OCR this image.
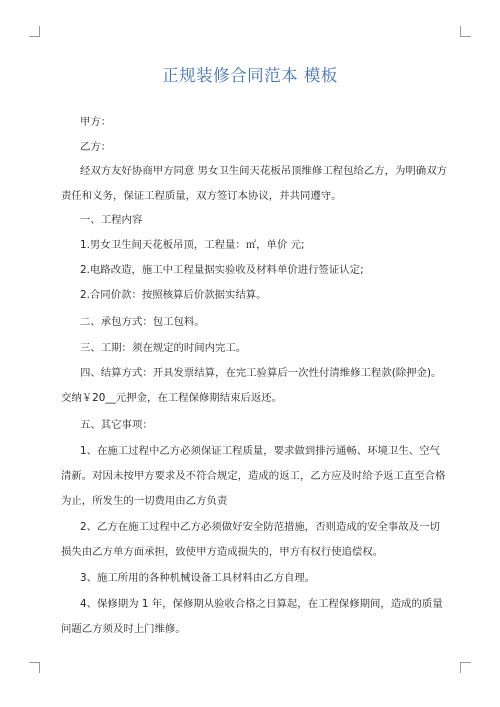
正规装修合同范本 模板
甲方：
乙方：
经双方友好协商甲方同意 男女卫生间天花板吊顶维修工程包给乙方，为明确双方
责任和义务，保证工程质量，双方签订本协议，并共同遵守。
一、工程内容
1.男女卫生间天花板吊顶，工程量：㎡，单价 元;
2.电路改造，施工中工程量据实验收及材料单价进行签证认定;
2.合同价款：按照核算后价款据实结算。
二、承包方式：包工包料。
三、工期：须在规定的时间内完工。
四、结算方式：开具发票结算，在完工验算后一次性付清维修工程款(除押金)。
交纳￥20__元押金，在工程保修期结束后返还。
五、其它事项：
1、在施工过程中乙方必须保证工程质量，要求做到排污通畅、环境卫生、空气
清新。对因未按甲方要求及不符合规定，造成的返工，乙方应及时给予返工直至合格
为止，所发生的一切费用由乙方负责
2、乙方在施工过程中乙方必须做好安全防范措施，否则造成的安全事故及一切
损失由乙方单方面承担，致使甲方造成损失的，甲方有权行使追偿权。
3、施工所用的各种机械设备工具材料由乙方自理。
4、保修期为 1 年，保修期从验收合格之日算起，在工程保修期间，造成的质量
问题乙方须及时上门维修。
